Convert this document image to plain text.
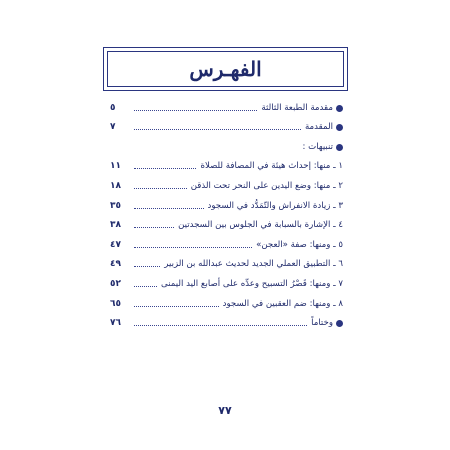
الفهـرس
مقدمة الطبعة الثالثة
٥
المقدمة
٧
تنبيهات :
١ ـ منها: إحداث هيئة في المصافة للصلاة
١١
٢ ـ منها: وضع اليدين على النحر تحت الذقن
١٨
٣ ـ زيادة الانفراش والتّمَدُّد في السجود
٣٥
٤ ـ الإشارة بالسبابة في الجلوس بين السجدتين
٣٨
٥ ـ ومنها: صفة «العجن»
٤٧
٦ ـ التطبيق العملي الجديد لحديث عبدالله بن الزبير
٤٩
٧ ـ ومنها: قَصْرُ التسبيح وعدِّه على أصابع اليد اليمنى
٥٢
٨ ـ ومنها: ضم العقبين في السجود
٦٥
وختاماً
٧٦
٧٧
